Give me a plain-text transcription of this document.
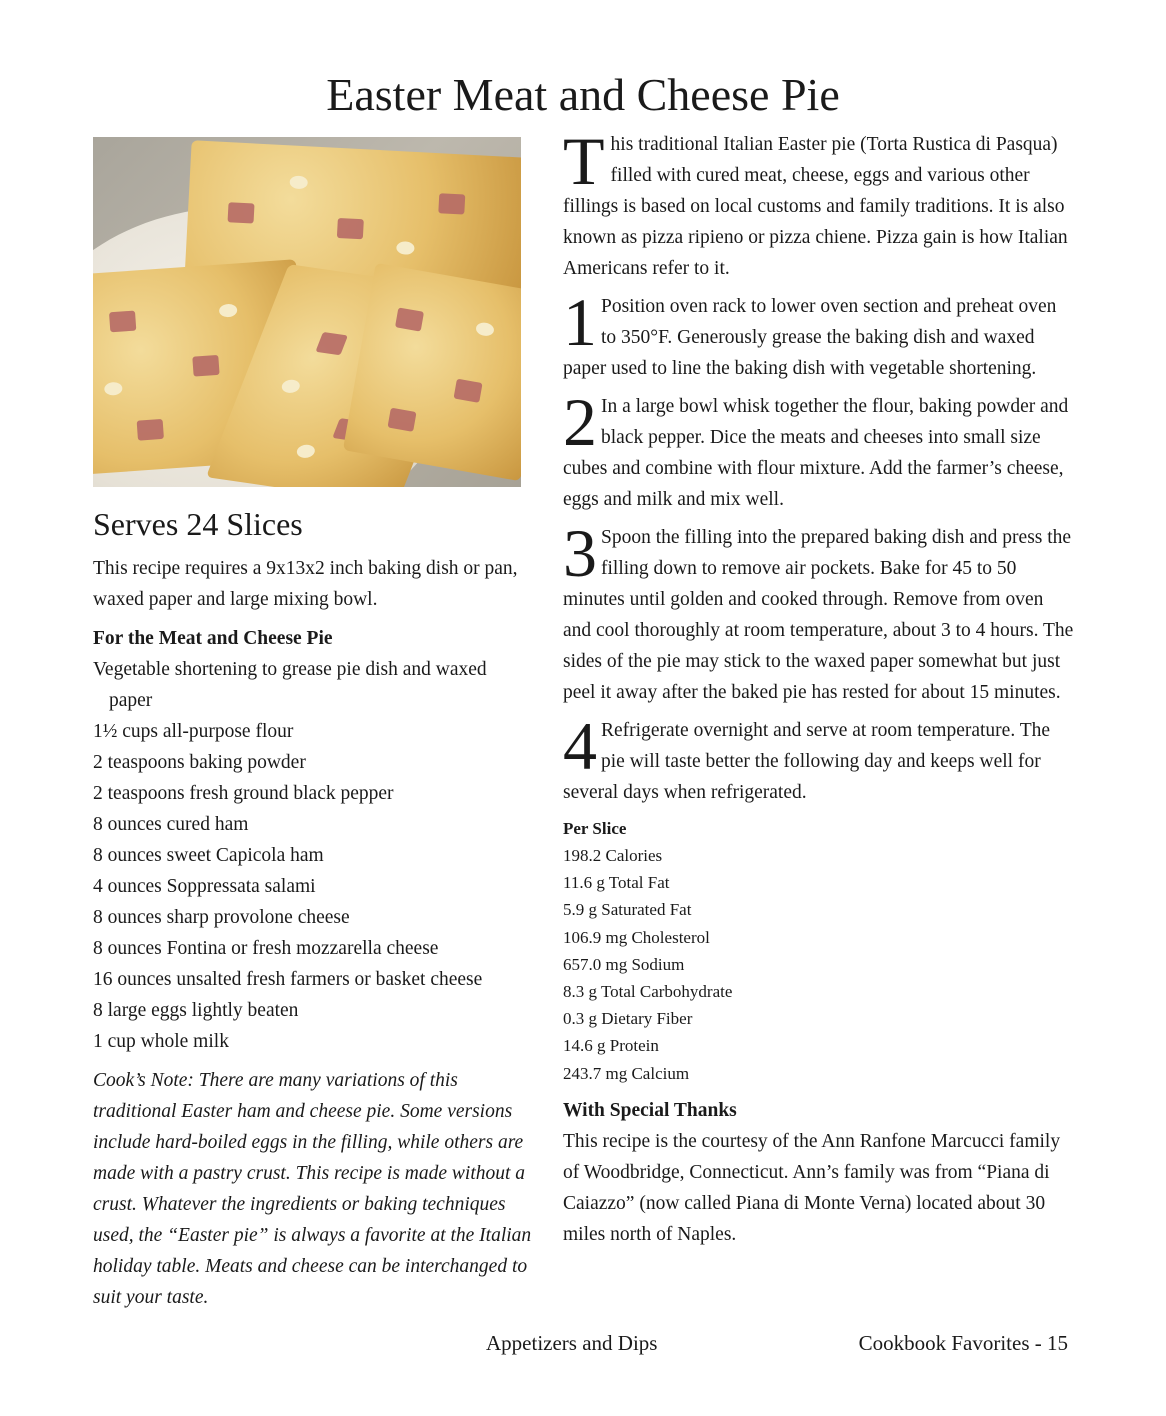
Easter Meat and Cheese Pie
Serves 24 Slices

This recipe requires a 9x13x2 inch baking dish or pan, waxed paper and large mixing bowl.

For the Meat and Cheese Pie
Vegetable shortening to grease pie dish and waxed paper
1½ cups all-purpose flour
2 teaspoons baking powder
2 teaspoons fresh ground black pepper
8 ounces cured ham
8 ounces sweet Capicola ham
4 ounces Soppressata salami
8 ounces sharp provolone cheese
8 ounces Fontina or fresh mozzarella cheese
16 ounces unsalted fresh farmers or basket cheese
8 large eggs lightly beaten
1 cup whole milk

Cook’s Note: There are many variations of this traditional Easter ham and cheese pie. Some versions include hard-boiled eggs in the filling, while others are made with a pastry crust. This recipe is made without a crust. Whatever the ingredients or baking techniques used, the “Easter pie” is always a favorite at the Italian holiday table. Meats and cheese can be interchanged to suit your taste.

This traditional Italian Easter pie (Torta Rustica di Pasqua) filled with cured meat, cheese, eggs and various other fillings is based on local customs and family traditions. It is also known as pizza ripieno or pizza chiene. Pizza gain is how Italian Americans refer to it.

1 Position oven rack to lower oven section and preheat oven to 350°F. Generously grease the baking dish and waxed paper used to line the baking dish with vegetable shortening.

2 In a large bowl whisk together the flour, baking powder and black pepper. Dice the meats and cheeses into small size cubes and combine with flour mixture. Add the farmer’s cheese, eggs and milk and mix well.

3 Spoon the filling into the prepared baking dish and press the filling down to remove air pockets. Bake for 45 to 50 minutes until golden and cooked through. Remove from oven and cool thoroughly at room temperature, about 3 to 4 hours. The sides of the pie may stick to the waxed paper somewhat but just peel it away after the baked pie has rested for about 15 minutes.

4 Refrigerate overnight and serve at room temperature. The pie will taste better the following day and keeps well for several days when refrigerated.

Per Slice

198.2 Calories
11.6 g Total Fat
5.9 g Saturated Fat
106.9 mg Cholesterol
657.0 mg Sodium
8.3 g Total Carbohydrate
0.3 g Dietary Fiber
14.6 g Protein
243.7 mg Calcium
With Special Thanks

This recipe is the courtesy of the Ann Ranfone Marcucci family of Woodbridge, Connecticut. Ann’s family was from “Piana di Caiazzo” (now called Piana di Monte Verna) located about 30 miles north of Naples.

Appetizers and Dips	Cookbook Favorites - 15
